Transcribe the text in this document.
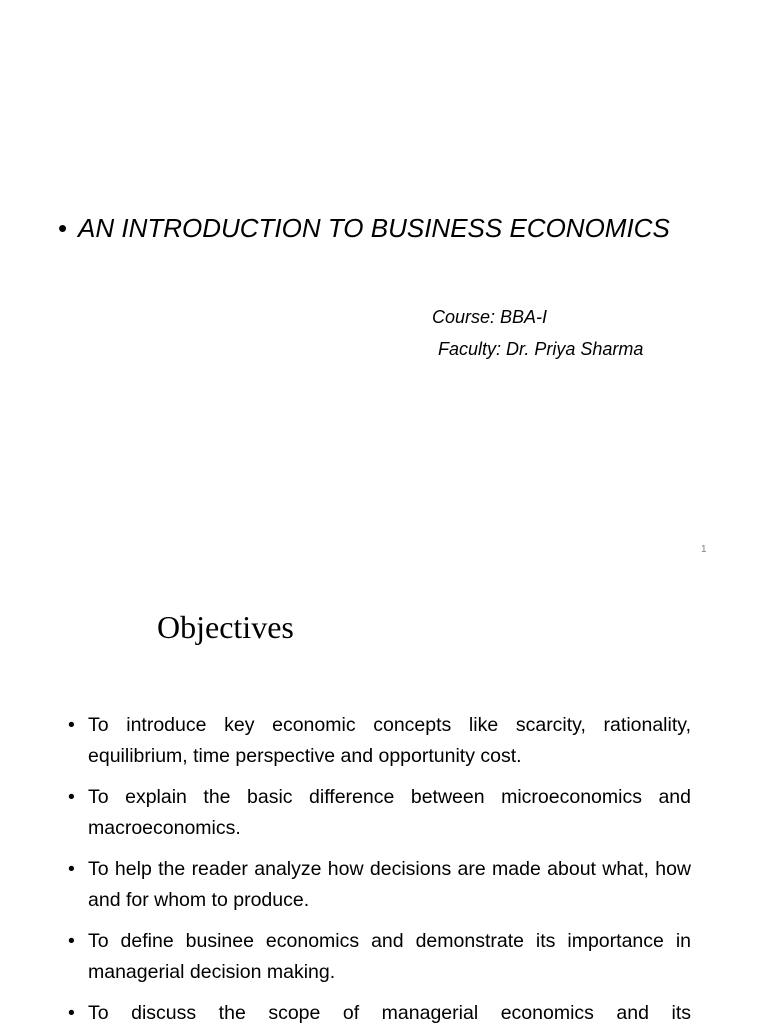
• AN INTRODUCTION TO BUSINESS ECONOMICS
Course: BBA-I
Faculty: Dr. Priya Sharma
1
Objectives
• To introduce key economic concepts like scarcity, rationality, equilibrium, time perspective and opportunity cost.
• To explain the basic difference between microeconomics and macroeconomics.
• To help the reader analyze how decisions are made about what, how and for whom to produce.
• To define businee economics and demonstrate its importance in managerial decision making.
• To discuss the scope of managerial economics and its
